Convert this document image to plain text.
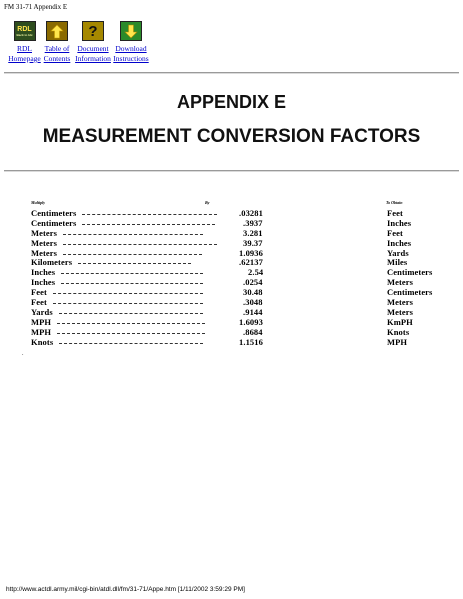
FM 31-71 Appendix E
RDL
Back to Idx
RDL
Homepage
Table of
Contents
?
Document
Information
Download
Instructions
APPENDIX E
MEASUREMENT CONVERSION FACTORS
Multiply	By	To Obtain
Centimeters	.03281	Feet
Centimeters	.3937	Inches
Meters	3.281	Feet
Meters	39.37	Inches
Meters	1.0936	Yards
Kilometers	.62137	Miles
Inches	2.54	Centimeters
Inches	.0254	Meters
Feet	30.48	Centimeters
Feet	.3048	Meters
Yards	.9144	Meters
MPH	1.6093	KmPH
MPH	.8684	Knots
Knots	1.1516	MPH
.
http://www.actdl.army.mil/cgi-bin/atdl.dll/fm/31-71/Appe.htm [1/11/2002 3:59:29 PM]
